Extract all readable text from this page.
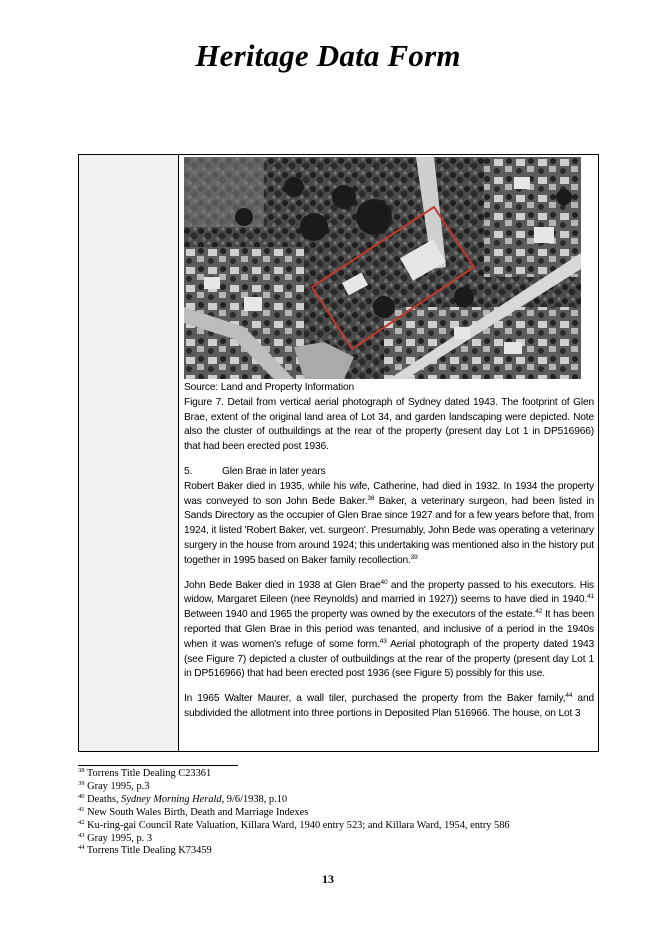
Heritage Data Form

Source: Land and Property Information

Figure 7. Detail from vertical aerial photograph of Sydney dated 1943. The footprint of Glen Brae, extent of the original land area of Lot 34, and garden landscaping were depicted. Note also the cluster of outbuildings at the rear of the property (present day Lot 1 in DP516966) that had been erected post 1936.

5.	Glen Brae in later years

Robert Baker died in 1935, while his wife, Catherine, had died in 1932. In 1934 the property was conveyed to son John Bede Baker.$^{38}$ Baker, a veterinary surgeon, had been listed in Sands Directory as the occupier of Glen Brae since 1927 and for a few years before that, from 1924, it listed 'Robert Baker, vet. surgeon'. Presumably, John Bede was operating a veterinary surgery in the house from around 1924; this undertaking was mentioned also in the history put together in 1995 based on Baker family recollection.$^{39}$

John Bede Baker died in 1938 at Glen Brae$^{40}$ and the property passed to his executors. His widow, Margaret Eileen (nee Reynolds) and married in 1927)) seems to have died in 1940.41 Between 1940 and 1965 the property was owned by the executors of the estate.$^{42}$ It has been reported that Glen Brae in this period was tenanted, and inclusive of a period in the 1940s when it was women's refuge of some form.$^{43}$ Aerial photograph of the property dated 1943 (see Figure 7) depicted a cluster of outbuildings at the rear of the property (present day Lot 1 in DP516966) that had been erected post 1936 (see Figure 5) possibly for this use.

In 1965 Walter Maurer, a wall tiler, purchased the property from the Baker family,$^{44}$ and subdivided the allotment into three portions in Deposited Plan 516966. The house, on Lot 3

$^{38}$ Torrens Title Dealing C23361
$^{39}$ Gray 1995, p.3
$^{40}$ Deaths, Sydney Morning Herald, 9/6/1938, p.10
$^{41}$ New South Wales Birth, Death and Marriage Indexes
$^{42}$ Ku-ring-gai Council Rate Valuation, Killara Ward, 1940 entry 523; and Killara Ward, 1954, entry 586
$^{43}$ Gray 1995, p. 3
$^{44}$ Torrens Title Dealing K73459
13
